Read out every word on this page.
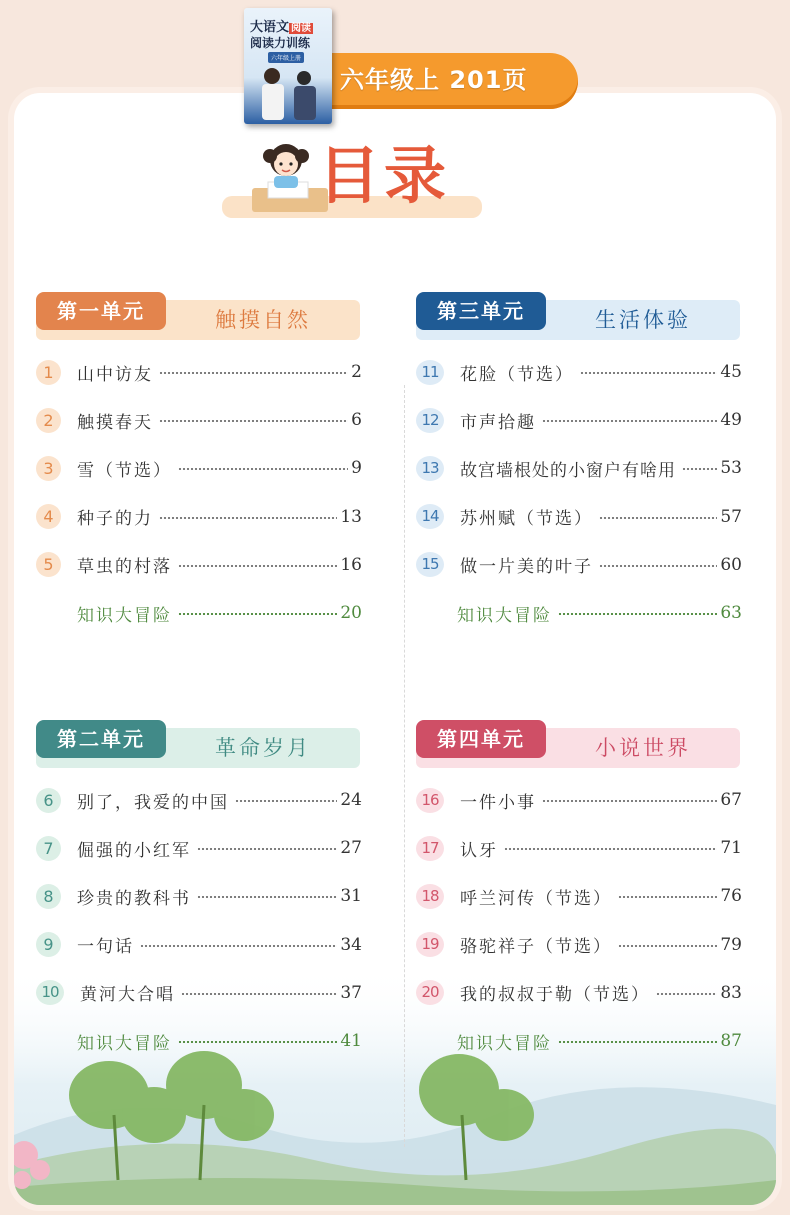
六年级上 201页
大语文 阅读
阅读力训练
六年级上册
目录
第一单元	触摸自然
1	山中访友	2
2	触摸春天	6
3	雪（节选）	9
4	种子的力	13
5	草虫的村落	16
知识大冒险	20
第三单元	生活体验
11	花脸（节选）	45
12	市声拾趣	49
13	故宫墙根处的小窗户有啥用	53
14	苏州赋（节选）	57
15	做一片美的叶子	60
知识大冒险	63
第二单元	革命岁月
6	别了，我爱的中国	24
7	倔强的小红军	27
8	珍贵的教科书	31
9	一句话	34
10	黄河大合唱	37
知识大冒险	41
第四单元	小说世界
16	一件小事	67
17	认牙	71
18	呼兰河传（节选）	76
19	骆驼祥子（节选）	79
20	我的叔叔于勒（节选）	83
知识大冒险	87
